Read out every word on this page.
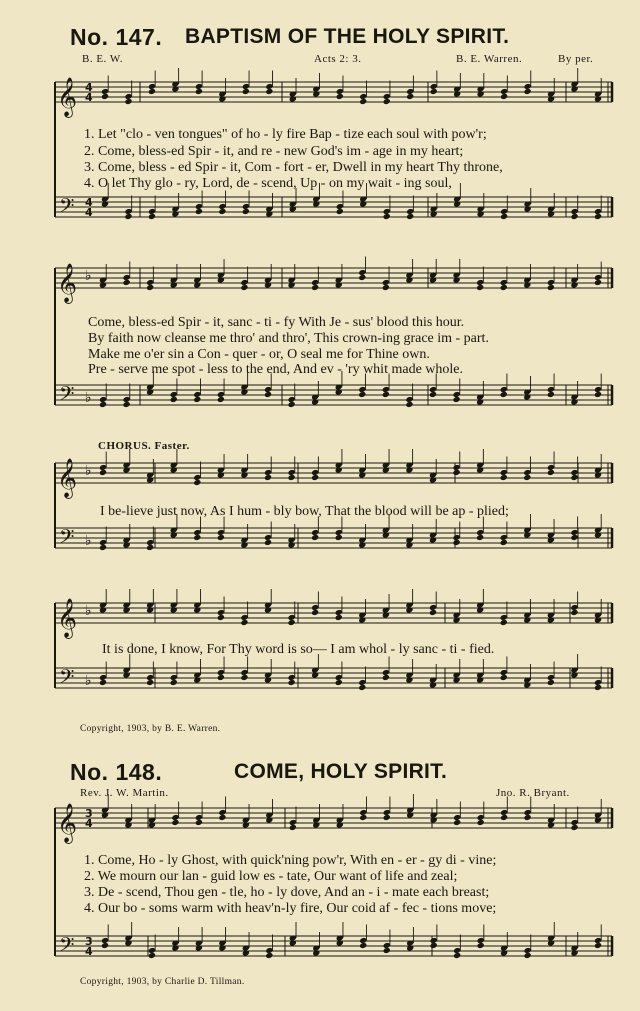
𝄞 4
4
𝄢 4
4
𝄞 ♭
𝄢 ♭
𝄞 ♭
𝄢 ♭
𝄞 ♭
𝄢 ♭
𝄞 3
4
𝄢 3
4
No. 147. BAPTISM OF THE HOLY SPIRIT.
B. E. W.	Acts 2: 3.	B. E. Warren.	By per.
1. Let "clo - ven tongues" of ho - ly fire Bap - tize each soul with pow'r;
2. Come, bless-ed Spir - it, and re - new God's im - age in my heart;
3. Come, bless - ed Spir - it, Com - fort - er, Dwell in my heart Thy throne,
4. O let Thy glo - ry, Lord, de - scend, Up - on my wait - ing soul,
Come, bless-ed Spir - it, sanc - ti - fy With Je - sus' blood this hour.
By faith now cleanse me thro' and thro', This crown-ing grace im - part.
Make me o'er sin a Con - quer - or, O seal me for Thine own.
Pre - serve me spot - less to the end, And ev - 'ry whit made whole.
CHORUS. Faster.
I be-lieve just now, As I hum - bly bow, That the blood will be ap - plied;
It is done, I know, For Thy word is so— I am whol - ly sanc - ti - fied.
Copyright, 1903, by B. E. Warren.
No. 148.	COME, HOLY SPIRIT.
Rev. J. W. Martin.	Jno. R. Bryant.
1. Come, Ho - ly Ghost, with quick'ning pow'r, With en - er - gy di - vine;
2. We mourn our lan - guid low es - tate, Our want of life and zeal;
3. De - scend, Thou gen - tle, ho - ly dove, And an - i - mate each breast;
4. Our bo - soms warm with heav'n-ly fire, Our coid af - fec - tions move;
Copyright, 1903, by Charlie D. Tillman.
